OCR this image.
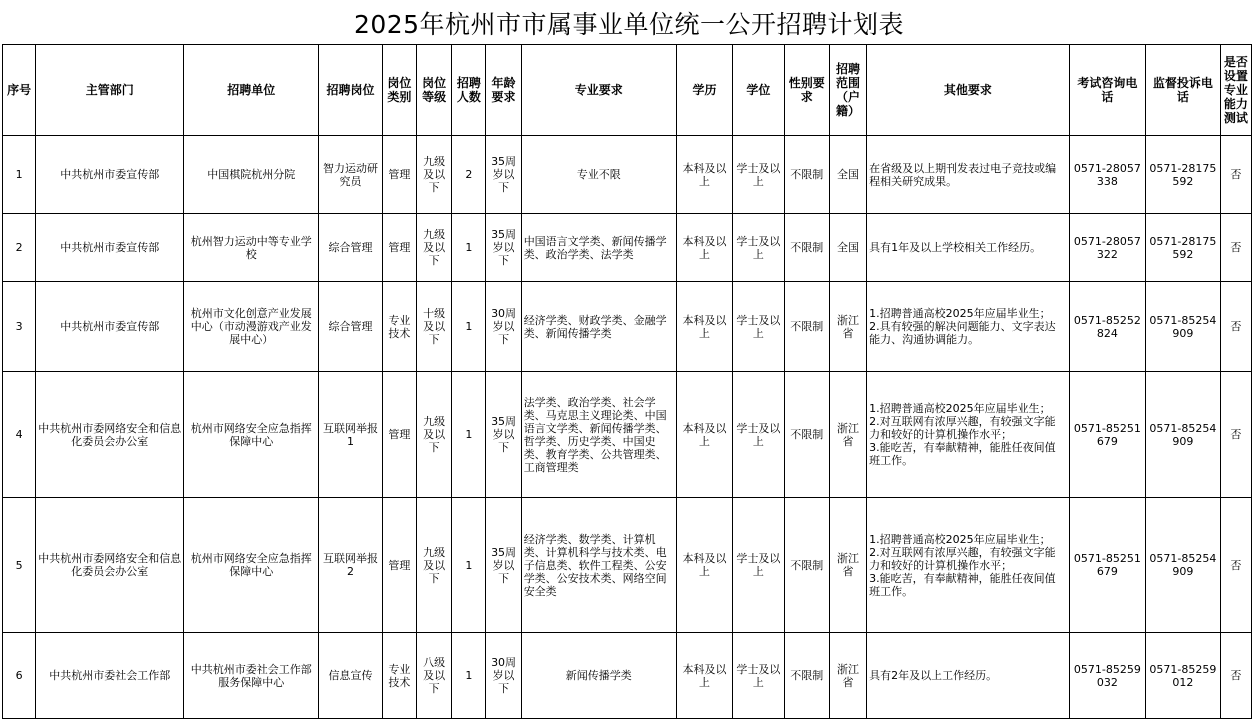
2025年杭州市市属事业单位统一公开招聘计划表
序号	主管部门	招聘单位	招聘岗位	岗位类别	岗位等级	招聘人数	年龄要求	专业要求	学历	学位	性别要求	招聘范围（户籍）	其他要求	考试咨询电话	监督投诉电话	是否设置专业能力测试
1	中共杭州市委宣传部	中国棋院杭州分院	智力运动研究员	管理	九级及以下	2	35周岁以下	专业不限	本科及以上	学士及以上	不限制	全国	在省级及以上期刊发表过电子竞技或编程相关研究成果。	0571-28057338	0571-28175592	否
2	中共杭州市委宣传部	杭州智力运动中等专业学校	综合管理	管理	九级及以下	1	35周岁以下	中国语言文学类、新闻传播学类、政治学类、法学类	本科及以上	学士及以上	不限制	全国	具有1年及以上学校相关工作经历。	0571-28057322	0571-28175592	否
3	中共杭州市委宣传部	杭州市文化创意产业发展中心（市动漫游戏产业发展中心）	综合管理	专业技术	十级及以下	1	30周岁以下	经济学类、财政学类、金融学类、新闻传播学类	本科及以上	学士及以上	不限制	浙江省	1.招聘普通高校2025年应届毕业生；
2.具有较强的解决问题能力、文字表达能力、沟通协调能力。	0571-85252824	0571-85254909	否
4	中共杭州市委网络安全和信息化委员会办公室	杭州市网络安全应急指挥保障中心	互联网举报1	管理	九级及以下	1	35周岁以下	法学类、政治学类、社会学类、马克思主义理论类、中国语言文学类、新闻传播学类、哲学类、历史学类、中国史类、教育学类、公共管理类、工商管理类	本科及以上	学士及以上	不限制	浙江省	1.招聘普通高校2025年应届毕业生；
2.对互联网有浓厚兴趣，有较强文字能力和较好的计算机操作水平；
3.能吃苦，有奉献精神，能胜任夜间值班工作。	0571-85251679	0571-85254909	否
5	中共杭州市委网络安全和信息化委员会办公室	杭州市网络安全应急指挥保障中心	互联网举报2	管理	九级及以下	1	35周岁以下	经济学类、数学类、计算机类、计算机科学与技术类、电子信息类、软件工程类、公安学类、公安技术类、网络空间安全类	本科及以上	学士及以上	不限制	浙江省	1.招聘普通高校2025年应届毕业生；
2.对互联网有浓厚兴趣，有较强文字能力和较好的计算机操作水平；
3.能吃苦，有奉献精神，能胜任夜间值班工作。	0571-85251679	0571-85254909	否
6	中共杭州市委社会工作部	中共杭州市委社会工作部服务保障中心	信息宣传	专业技术	八级及以下	1	30周岁以下	新闻传播学类	本科及以上	学士及以上	不限制	浙江省	具有2年及以上工作经历。	0571-85259032	0571-85259012	否
